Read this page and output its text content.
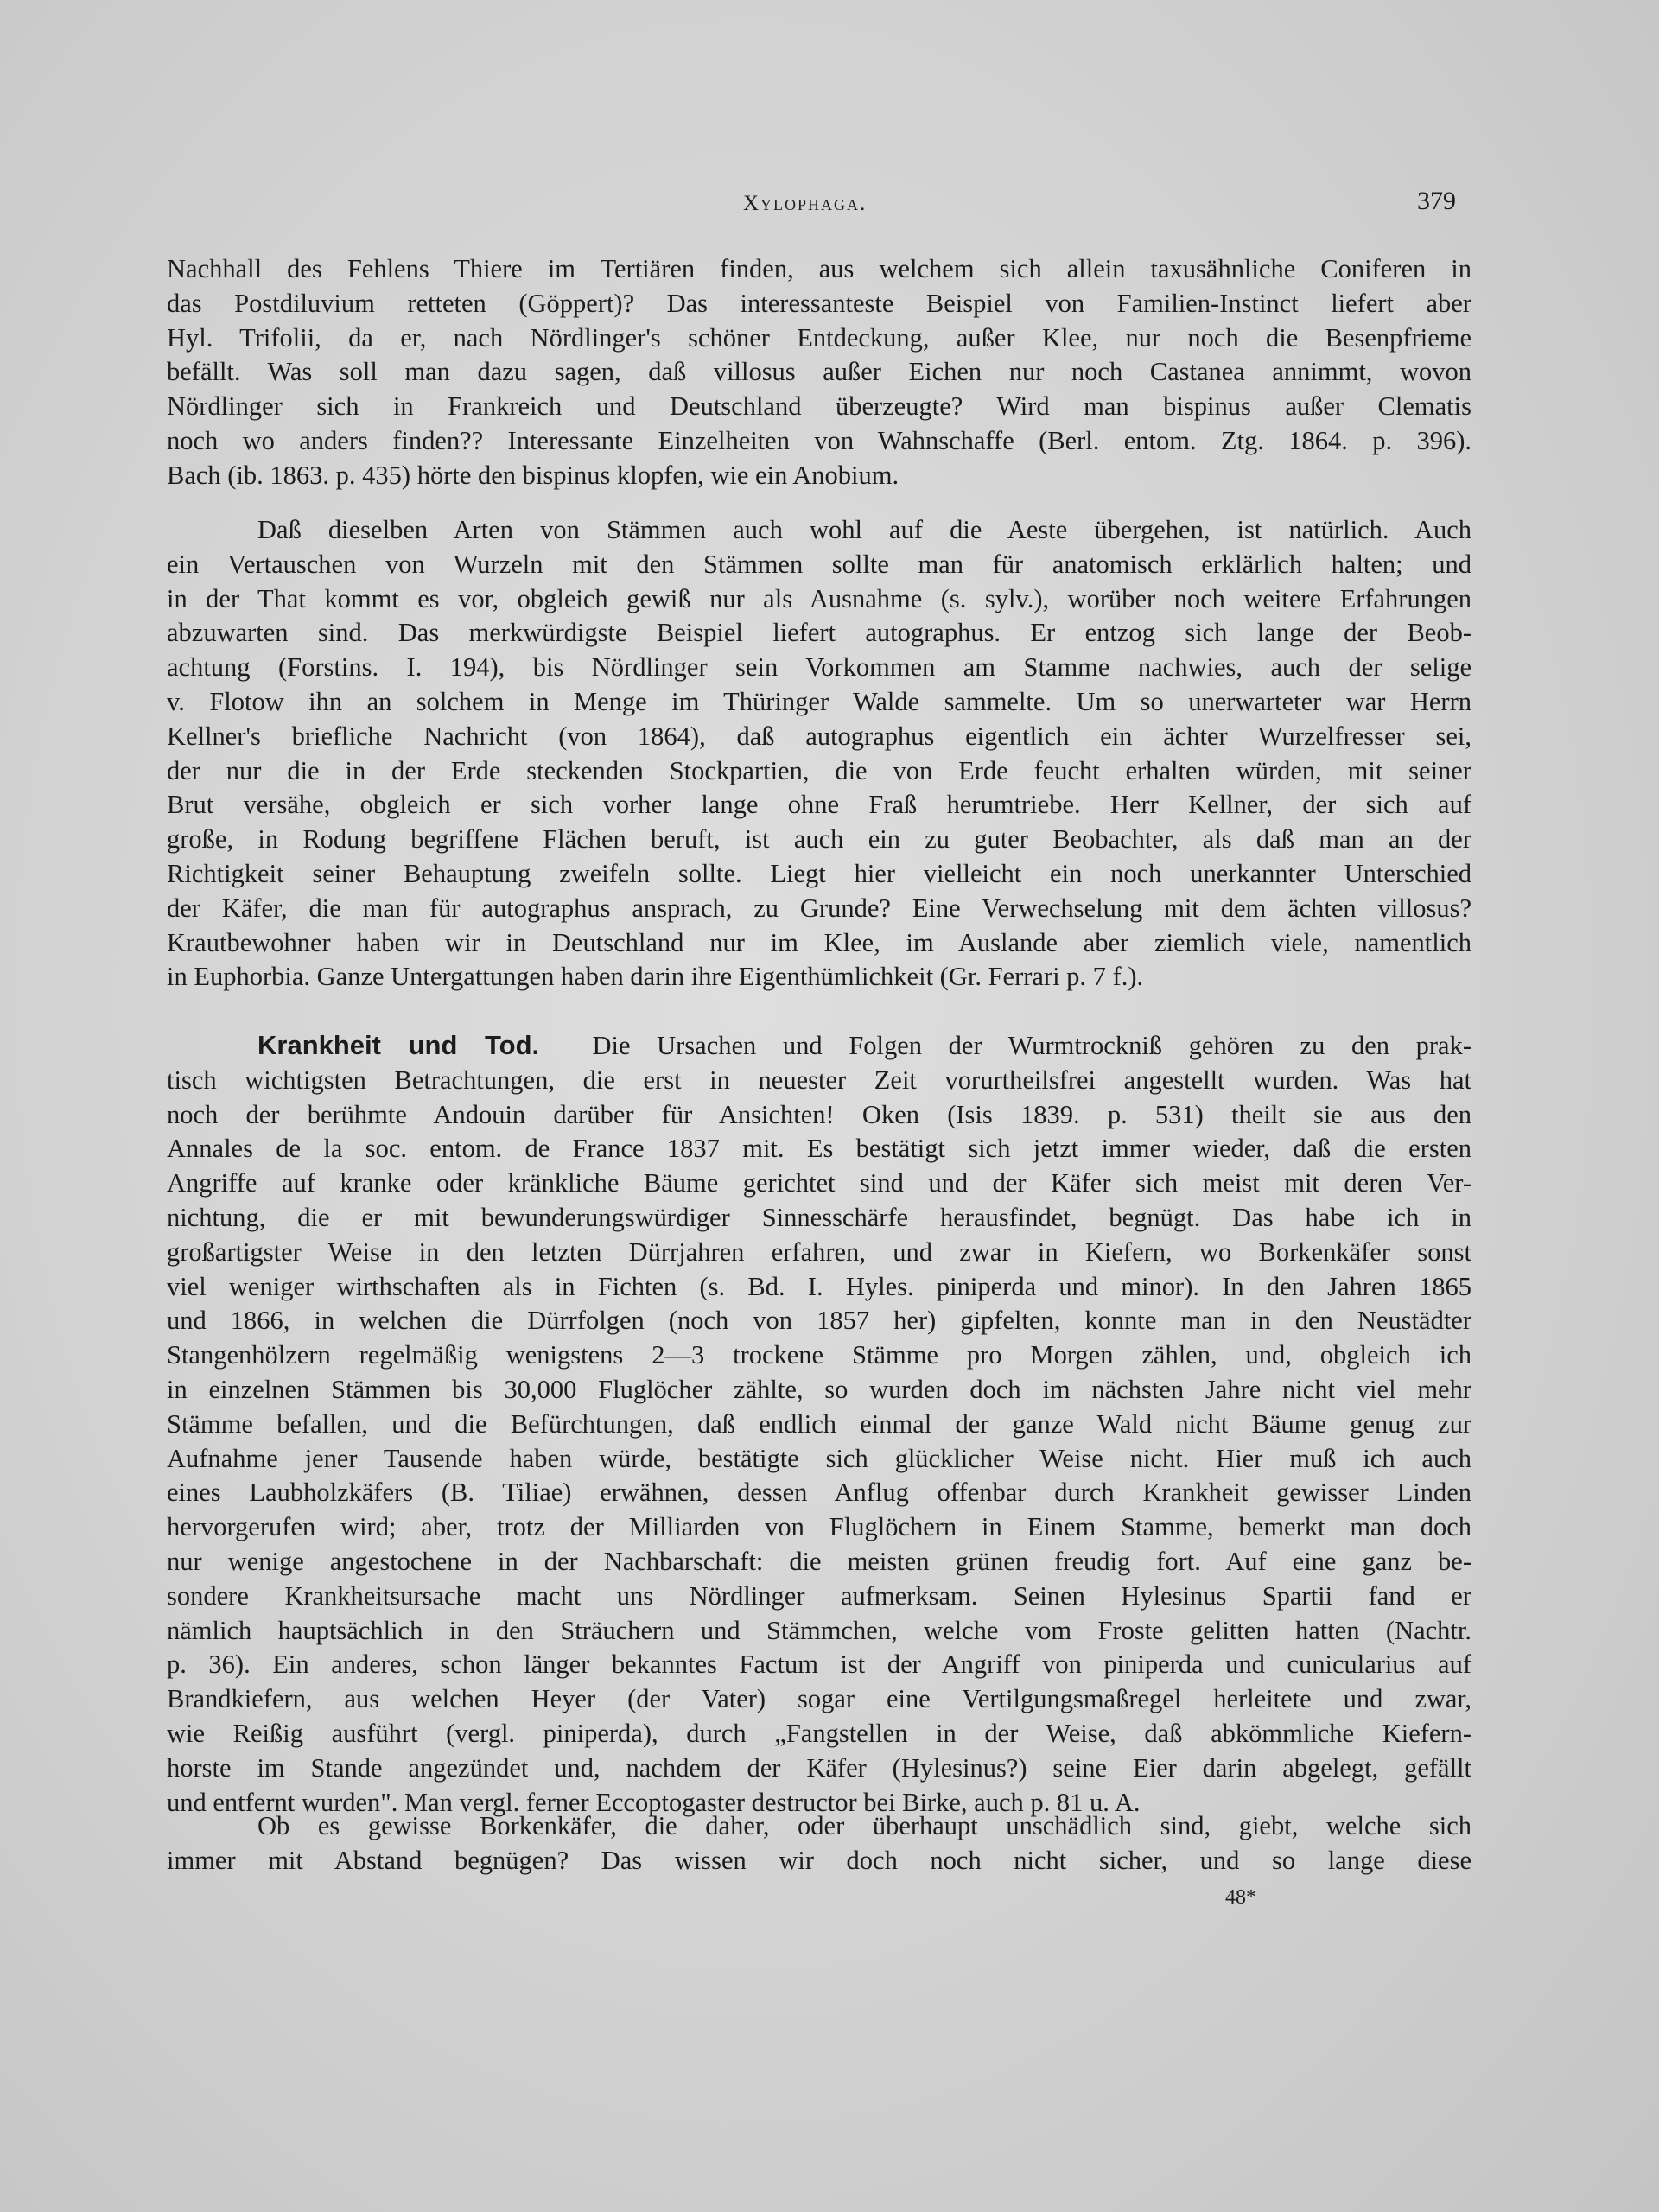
Xylophaga.	379
Nachhall des Fehlens Thiere im Tertiären finden, aus welchem sich allein taxusähnliche Coniferen in
das Postdiluvium retteten (Göppert)? Das interessanteste Beispiel von Familien-Instinct liefert aber
Hyl. Trifolii, da er, nach Nördlinger's schöner Entdeckung, außer Klee, nur noch die Besenpfrieme
befällt. Was soll man dazu sagen, daß villosus außer Eichen nur noch Castanea annimmt, wovon
Nördlinger sich in Frankreich und Deutschland überzeugte? Wird man bispinus außer Clematis
noch wo anders finden?? Interessante Einzelheiten von Wahnschaffe (Berl. entom. Ztg. 1864. p. 396).
Bach (ib. 1863. p. 435) hörte den bispinus klopfen, wie ein Anobium.
Daß dieselben Arten von Stämmen auch wohl auf die Aeste übergehen, ist natürlich. Auch
ein Vertauschen von Wurzeln mit den Stämmen sollte man für anatomisch erklärlich halten; und
in der That kommt es vor, obgleich gewiß nur als Ausnahme (s. sylv.), worüber noch weitere Erfahrungen
abzuwarten sind. Das merkwürdigste Beispiel liefert autographus. Er entzog sich lange der Beob-
achtung (Forstins. I. 194), bis Nördlinger sein Vorkommen am Stamme nachwies, auch der selige
v. Flotow ihn an solchem in Menge im Thüringer Walde sammelte. Um so unerwarteter war Herrn
Kellner's briefliche Nachricht (von 1864), daß autographus eigentlich ein ächter Wurzelfresser sei,
der nur die in der Erde steckenden Stockpartien, die von Erde feucht erhalten würden, mit seiner
Brut versähe, obgleich er sich vorher lange ohne Fraß herumtriebe. Herr Kellner, der sich auf
große, in Rodung begriffene Flächen beruft, ist auch ein zu guter Beobachter, als daß man an der
Richtigkeit seiner Behauptung zweifeln sollte. Liegt hier vielleicht ein noch unerkannter Unterschied
der Käfer, die man für autographus ansprach, zu Grunde? Eine Verwechselung mit dem ächten villosus?
Krautbewohner haben wir in Deutschland nur im Klee, im Auslande aber ziemlich viele, namentlich
in Euphorbia. Ganze Untergattungen haben darin ihre Eigenthümlichkeit (Gr. Ferrari p. 7 f.).
Krankheit und Tod. Die Ursachen und Folgen der Wurmtrockniß gehören zu den prak-
tisch wichtigsten Betrachtungen, die erst in neuester Zeit vorurtheilsfrei angestellt wurden. Was hat
noch der berühmte Andouin darüber für Ansichten! Oken (Isis 1839. p. 531) theilt sie aus den
Annales de la soc. entom. de France 1837 mit. Es bestätigt sich jetzt immer wieder, daß die ersten
Angriffe auf kranke oder kränkliche Bäume gerichtet sind und der Käfer sich meist mit deren Ver-
nichtung, die er mit bewunderungswürdiger Sinnesschärfe herausfindet, begnügt. Das habe ich in
großartigster Weise in den letzten Dürrjahren erfahren, und zwar in Kiefern, wo Borkenkäfer sonst
viel weniger wirthschaften als in Fichten (s. Bd. I. Hyles. piniperda und minor). In den Jahren 1865
und 1866, in welchen die Dürrfolgen (noch von 1857 her) gipfelten, konnte man in den Neustädter
Stangenhölzern regelmäßig wenigstens 2—3 trockene Stämme pro Morgen zählen, und, obgleich ich
in einzelnen Stämmen bis 30,000 Fluglöcher zählte, so wurden doch im nächsten Jahre nicht viel mehr
Stämme befallen, und die Befürchtungen, daß endlich einmal der ganze Wald nicht Bäume genug zur
Aufnahme jener Tausende haben würde, bestätigte sich glücklicher Weise nicht. Hier muß ich auch
eines Laubholzkäfers (B. Tiliae) erwähnen, dessen Anflug offenbar durch Krankheit gewisser Linden
hervorgerufen wird; aber, trotz der Milliarden von Fluglöchern in Einem Stamme, bemerkt man doch
nur wenige angestochene in der Nachbarschaft: die meisten grünen freudig fort. Auf eine ganz be-
sondere Krankheitsursache macht uns Nördlinger aufmerksam. Seinen Hylesinus Spartii fand er
nämlich hauptsächlich in den Sträuchern und Stämmchen, welche vom Froste gelitten hatten (Nachtr.
p. 36). Ein anderes, schon länger bekanntes Factum ist der Angriff von piniperda und cunicularius auf
Brandkiefern, aus welchen Heyer (der Vater) sogar eine Vertilgungsmaßregel herleitete und zwar,
wie Reißig ausführt (vergl. piniperda), durch „Fangstellen in der Weise, daß abkömmliche Kiefern-
horste im Stande angezündet und, nachdem der Käfer (Hylesinus?) seine Eier darin abgelegt, gefällt
und entfernt wurden". Man vergl. ferner Eccoptogaster destructor bei Birke, auch p. 81 u. A.
Ob es gewisse Borkenkäfer, die daher, oder überhaupt unschädlich sind, giebt, welche sich
immer mit Abstand begnügen? Das wissen wir doch noch nicht sicher, und so lange diese
48*
